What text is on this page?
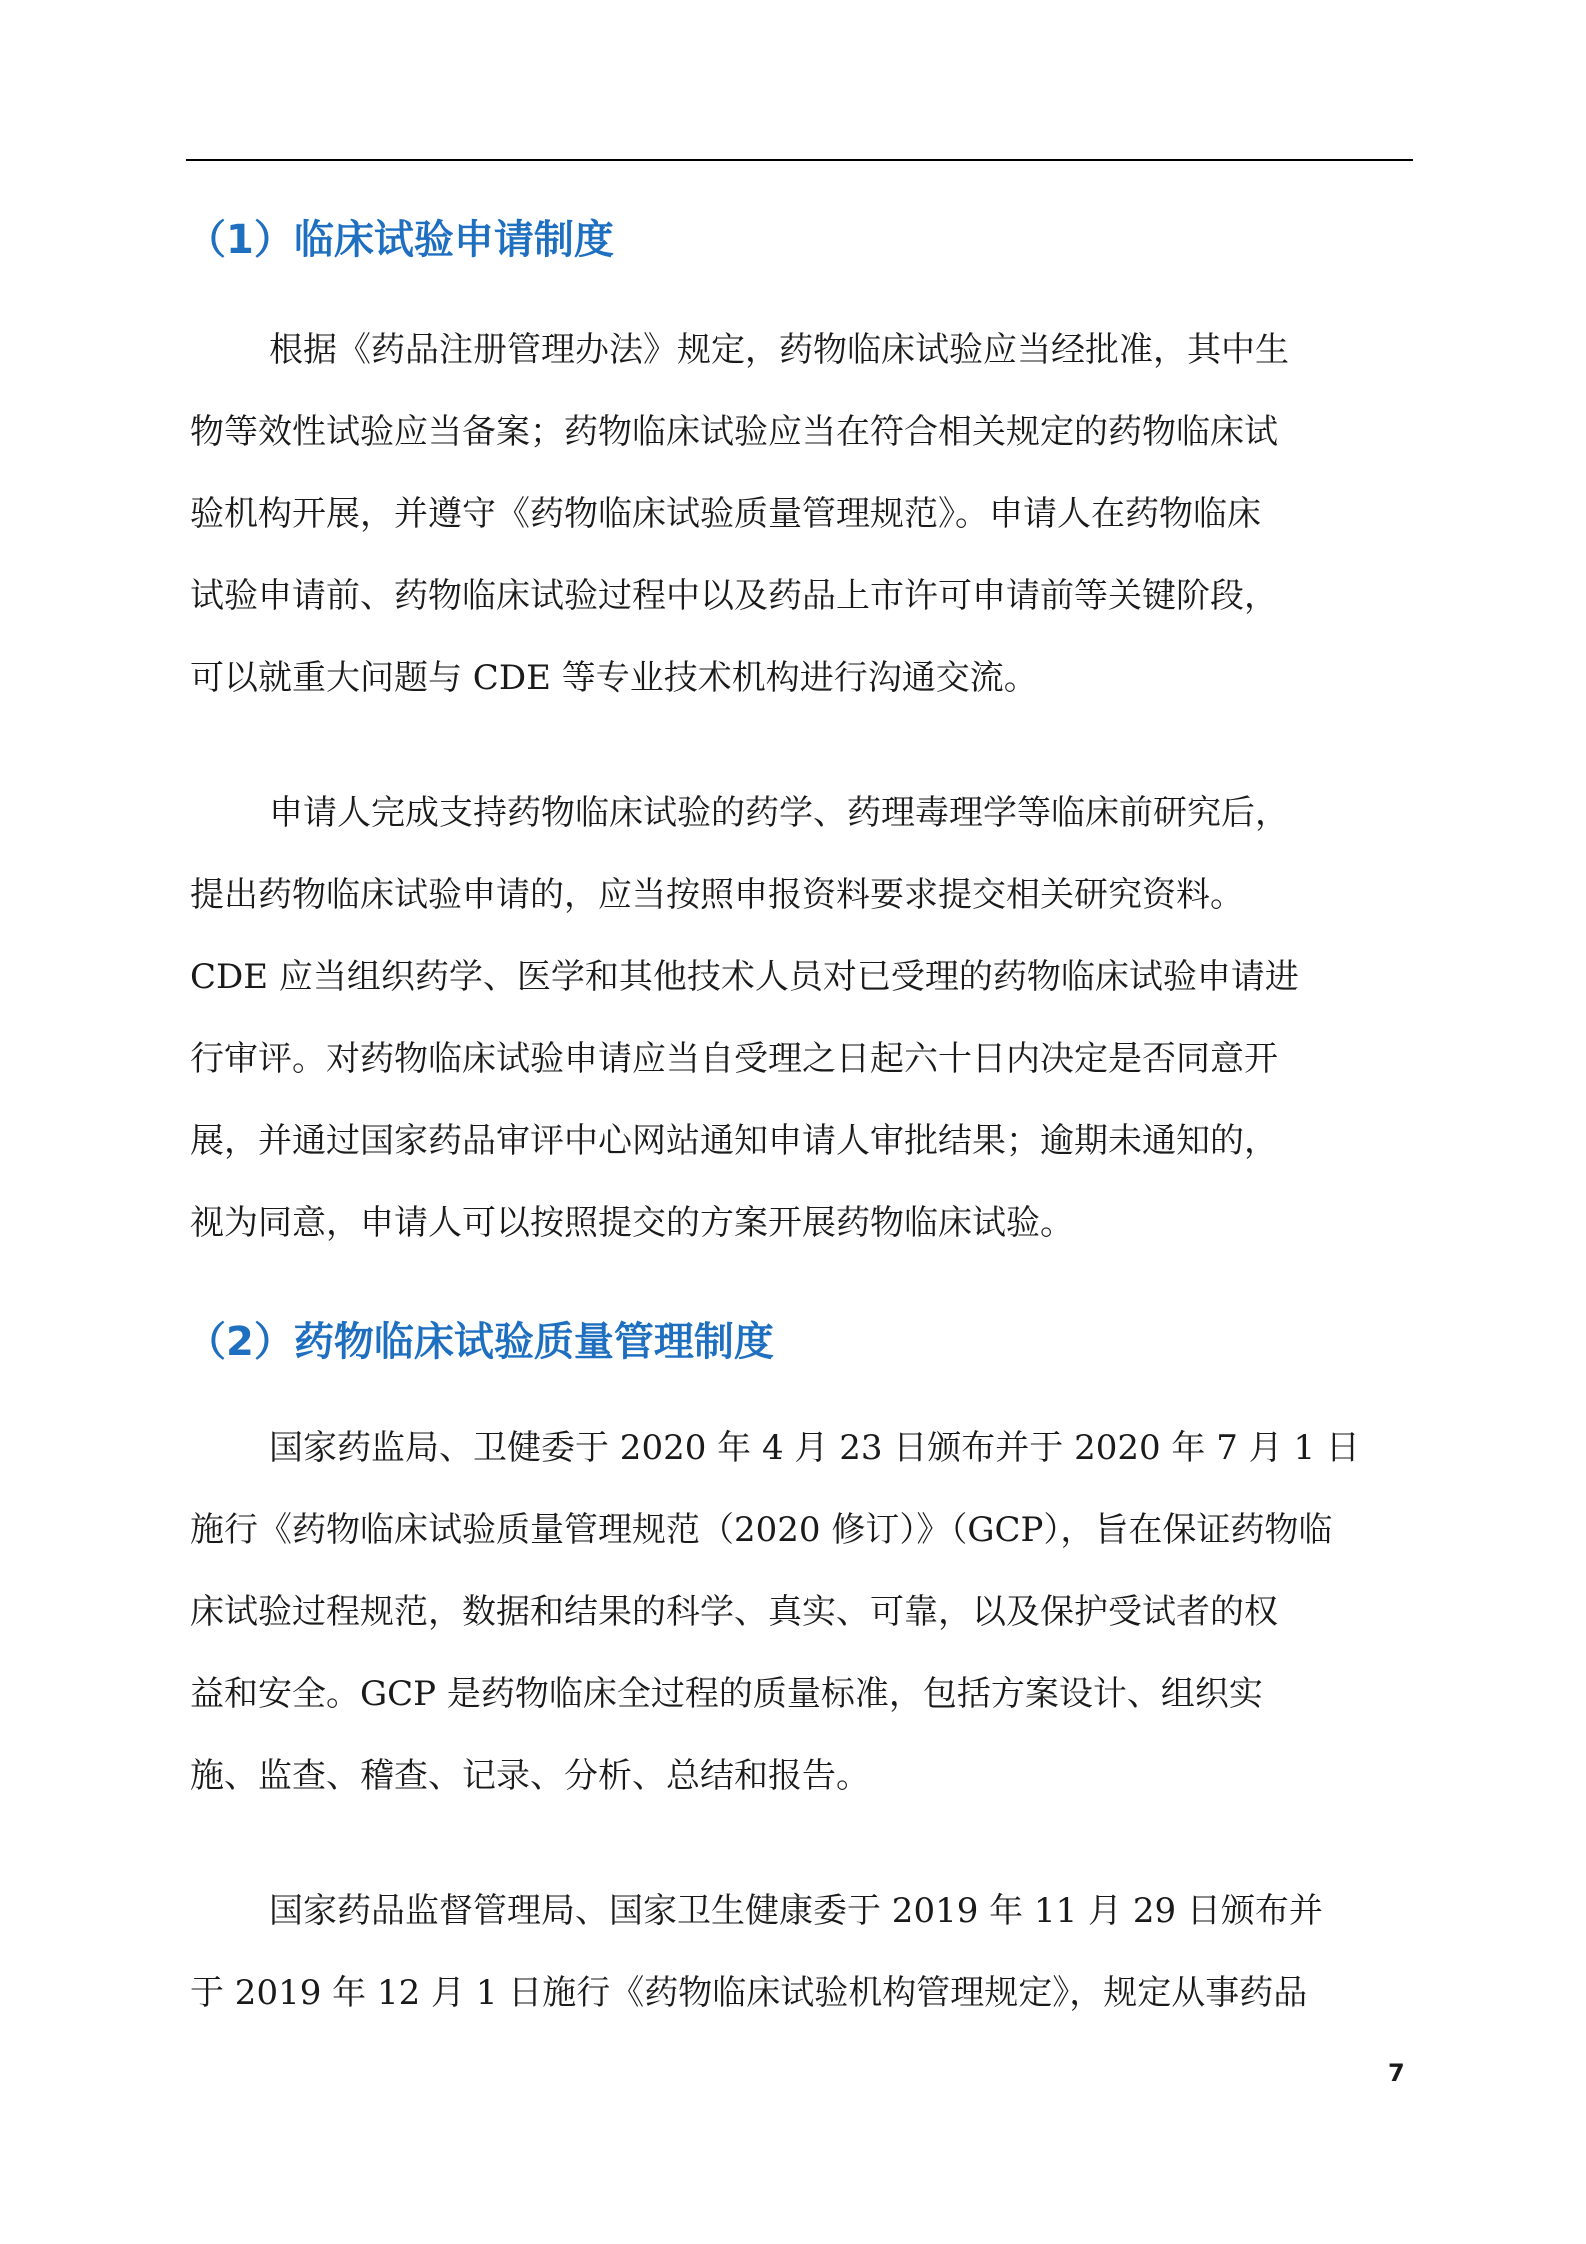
（1）临床试验申请制度
根据《药品注册管理办法》规定，药物临床试验应当经批准，其中生
物等效性试验应当备案；药物临床试验应当在符合相关规定的药物临床试
验机构开展，并遵守《药物临床试验质量管理规范》。申请人在药物临床
试验申请前、药物临床试验过程中以及药品上市许可申请前等关键阶段，
可以就重大问题与 CDE 等专业技术机构进行沟通交流。
申请人完成支持药物临床试验的药学、药理毒理学等临床前研究后，
提出药物临床试验申请的，应当按照申报资料要求提交相关研究资料。
CDE 应当组织药学、医学和其他技术人员对已受理的药物临床试验申请进
行审评。对药物临床试验申请应当自受理之日起六十日内决定是否同意开
展，并通过国家药品审评中心网站通知申请人审批结果；逾期未通知的，
视为同意，申请人可以按照提交的方案开展药物临床试验。
（2）药物临床试验质量管理制度
国家药监局、卫健委于 2020 年 4 月 23 日颁布并于 2020 年 7 月 1 日
施行《药物临床试验质量管理规范（2020 修订）》（GCP），旨在保证药物临
床试验过程规范，数据和结果的科学、真实、可靠，以及保护受试者的权
益和安全。GCP 是药物临床全过程的质量标准，包括方案设计、组织实
施、监查、稽查、记录、分析、总结和报告。
国家药品监督管理局、国家卫生健康委于 2019 年 11 月 29 日颁布并
于 2019 年 12 月 1 日施行《药物临床试验机构管理规定》，规定从事药品
7
